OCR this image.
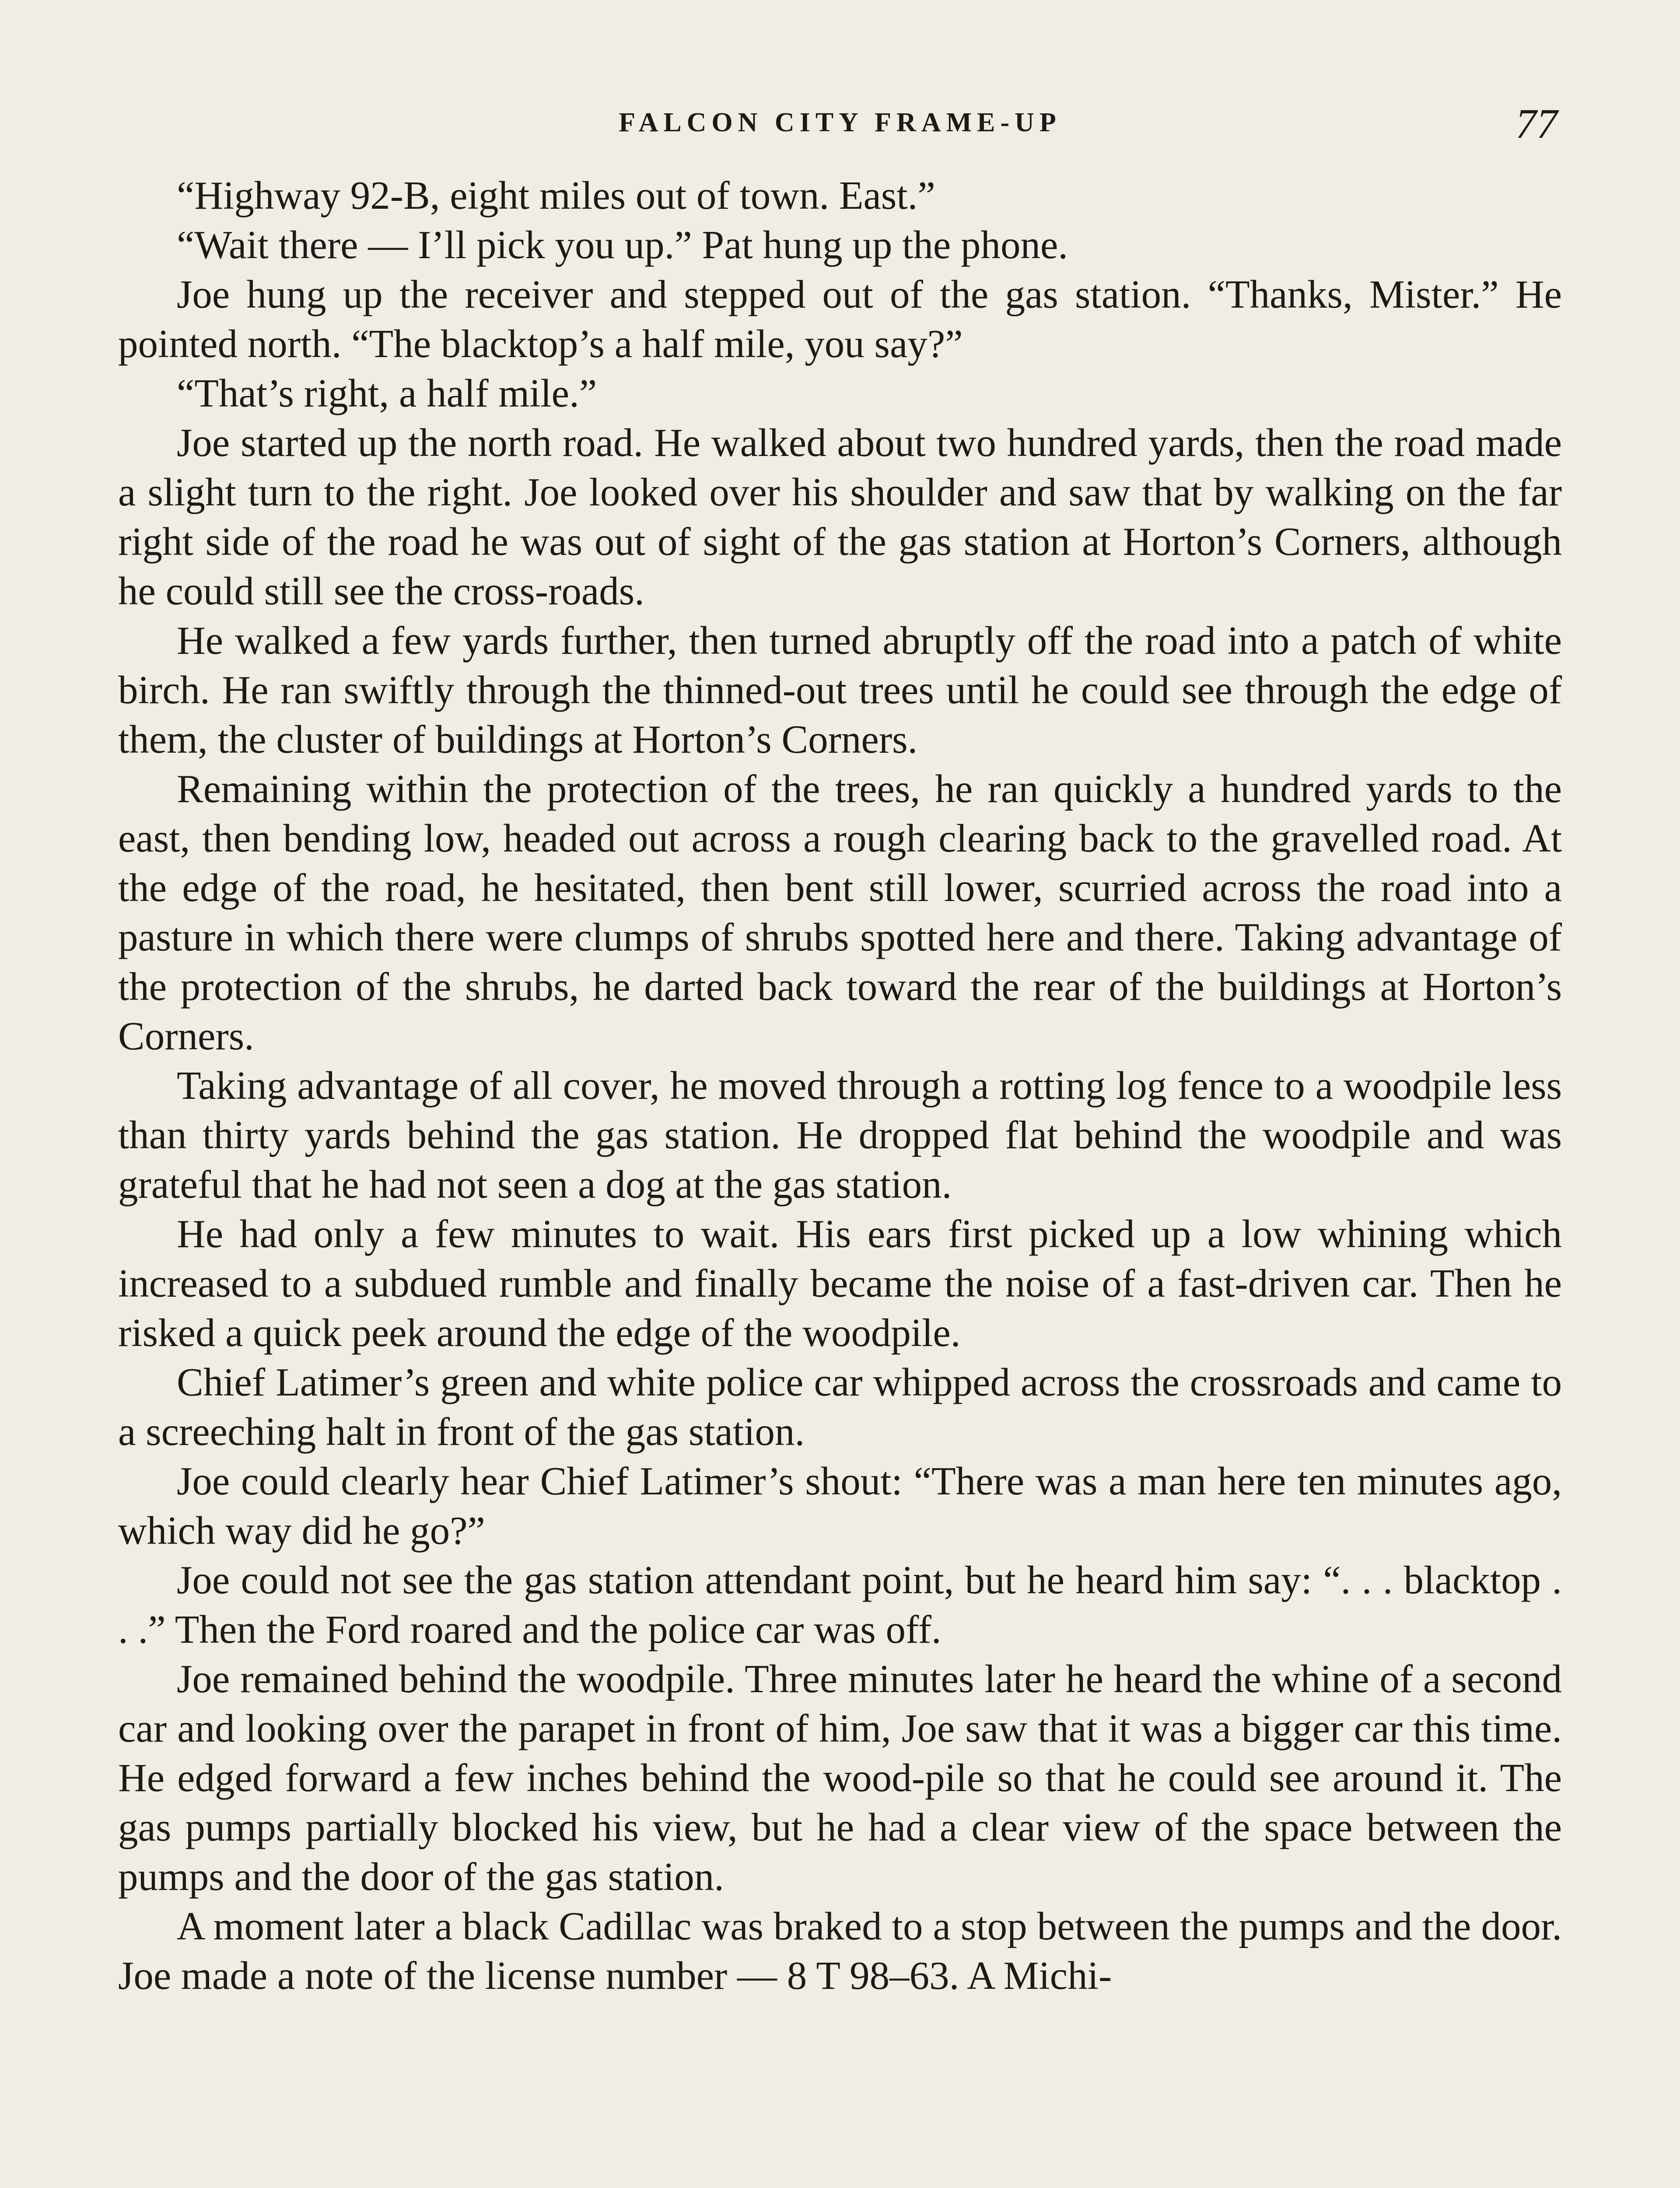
FALCON CITY FRAME-UP	77

“Highway 92-B, eight miles out of town. East.”

“Wait there — I’ll pick you up.” Pat hung up the phone.

Joe hung up the receiver and stepped out of the gas station. “Thanks, Mister.” He pointed north. “The blacktop’s a half mile, you say?”

“That’s right, a half mile.”

Joe started up the north road. He walked about two hundred yards, then the road made a slight turn to the right. Joe looked over his shoulder and saw that by walking on the far right side of the road he was out of sight of the gas station at Horton’s Corners, although he could still see the cross-roads.

He walked a few yards further, then turned abruptly off the road into a patch of white birch. He ran swiftly through the thinned-out trees until he could see through the edge of them, the cluster of buildings at Horton’s Corners.

Remaining within the protection of the trees, he ran quickly a hundred yards to the east, then bending low, headed out across a rough clearing back to the gravelled road. At the edge of the road, he hesitated, then bent still lower, scurried across the road into a pasture in which there were clumps of shrubs spotted here and there. Taking advantage of the protection of the shrubs, he darted back toward the rear of the buildings at Horton’s Corners.

Taking advantage of all cover, he moved through a rotting log fence to a woodpile less than thirty yards behind the gas station. He dropped flat behind the woodpile and was grateful that he had not seen a dog at the gas station.

He had only a few minutes to wait. His ears first picked up a low whining which increased to a subdued rumble and finally became the noise of a fast-driven car. Then he risked a quick peek around the edge of the woodpile.

Chief Latimer’s green and white police car whipped across the crossroads and came to a screeching halt in front of the gas station.

Joe could clearly hear Chief Latimer’s shout: “There was a man here ten minutes ago, which way did he go?”

Joe could not see the gas station attendant point, but he heard him say: “. . . blacktop . . .” Then the Ford roared and the police car was off.

Joe remained behind the woodpile. Three minutes later he heard the whine of a second car and looking over the parapet in front of him, Joe saw that it was a bigger car this time. He edged forward a few inches behind the wood-pile so that he could see around it. The gas pumps partially blocked his view, but he had a clear view of the space between the pumps and the door of the gas station.

A moment later a black Cadillac was braked to a stop between the pumps and the door. Joe made a note of the license number — 8 T 98–63. A Michi-
